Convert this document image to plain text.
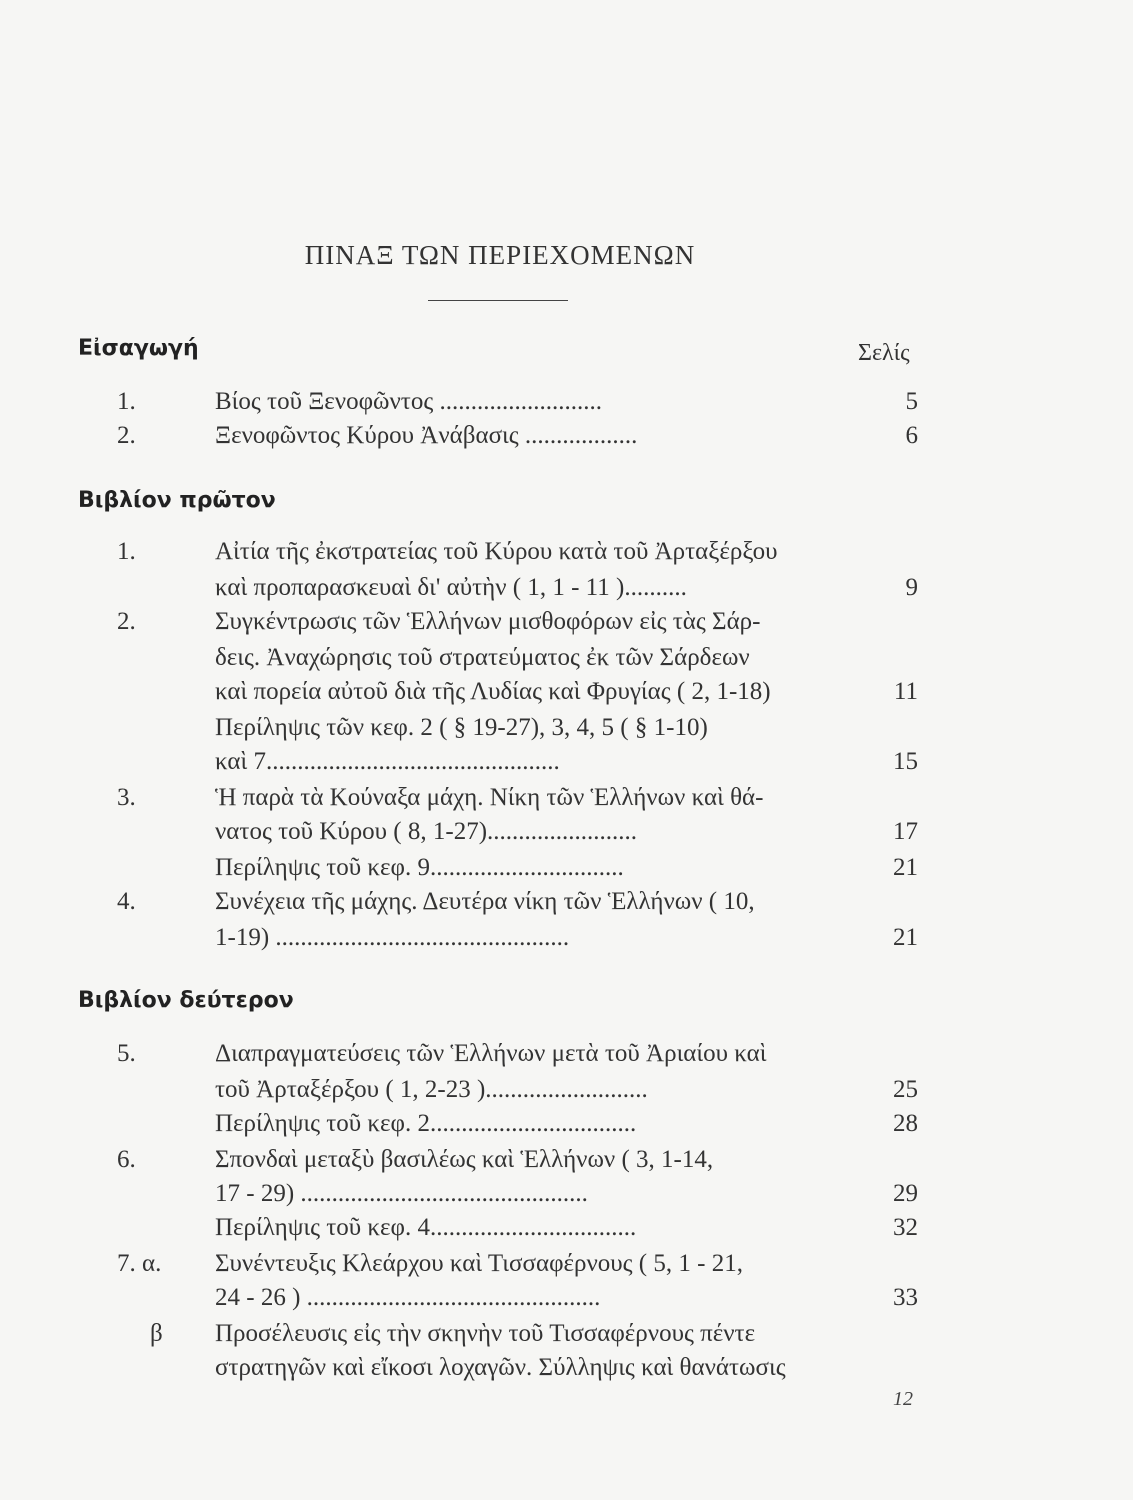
ΠΙΝΑΞ ΤΩΝ ΠΕΡΙΕΧΟΜΕΝΩΝ
Εἰσαγωγή	Σελίς
1.	Βίος τοῦ Ξενοφῶντος ..........................	5
2.	Ξενοφῶντος Κύρου Ἀνάβασις ..................	6
Βιβλίον πρῶτον
1.	Αἰτία τῆς ἐκστρατείας τοῦ Κύρου κατὰ τοῦ Ἀρταξέρξου
καὶ προπαρασκευαὶ δι' αὐτὴν ( 1, 1 - 11 )..........	9
2.	Συγκέντρωσις τῶν Ἑλλήνων μισθοφόρων εἰς τὰς Σάρ-
δεις. Ἀναχώρησις τοῦ στρατεύματος ἐκ τῶν Σάρδεων
καὶ πορεία αὐτοῦ διὰ τῆς Λυδίας καὶ Φρυγίας ( 2, 1-18)	11
Περίληψις τῶν κεφ. 2 ( § 19-27), 3, 4, 5 ( § 1-10)
καὶ 7...............................................	15
3.	Ἡ παρὰ τὰ Κούναξα μάχη. Νίκη τῶν Ἑλλήνων καὶ θά-
νατος τοῦ Κύρου ( 8, 1-27)........................	17
Περίληψις τοῦ κεφ. 9...............................	21
4.	Συνέχεια τῆς μάχης. Δευτέρα νίκη τῶν Ἑλλήνων ( 10,
1-19) ...............................................	21
Βιβλίον δεύτερον
5.	Διαπραγματεύσεις τῶν Ἑλλήνων μετὰ τοῦ Ἀριαίου καὶ
τοῦ Ἀρταξέρξου ( 1, 2-23 )..........................	25
Περίληψις τοῦ κεφ. 2.................................	28
6.	Σπονδαὶ μεταξὺ βασιλέως καὶ Ἑλλήνων ( 3, 1-14,
17 - 29) ..............................................	29
Περίληψις τοῦ κεφ. 4.................................	32
7. α. Συνέντευξις Κλεάρχου καὶ Τισσαφέρνους ( 5, 1 - 21,
24 - 26 ) ...............................................	33
β Προσέλευσις εἰς τὴν σκηνὴν τοῦ Τισσαφέρνους πέντε
στρατηγῶν καὶ εἴκοσι λοχαγῶν. Σύλληψις καὶ θανάτωσις
12
